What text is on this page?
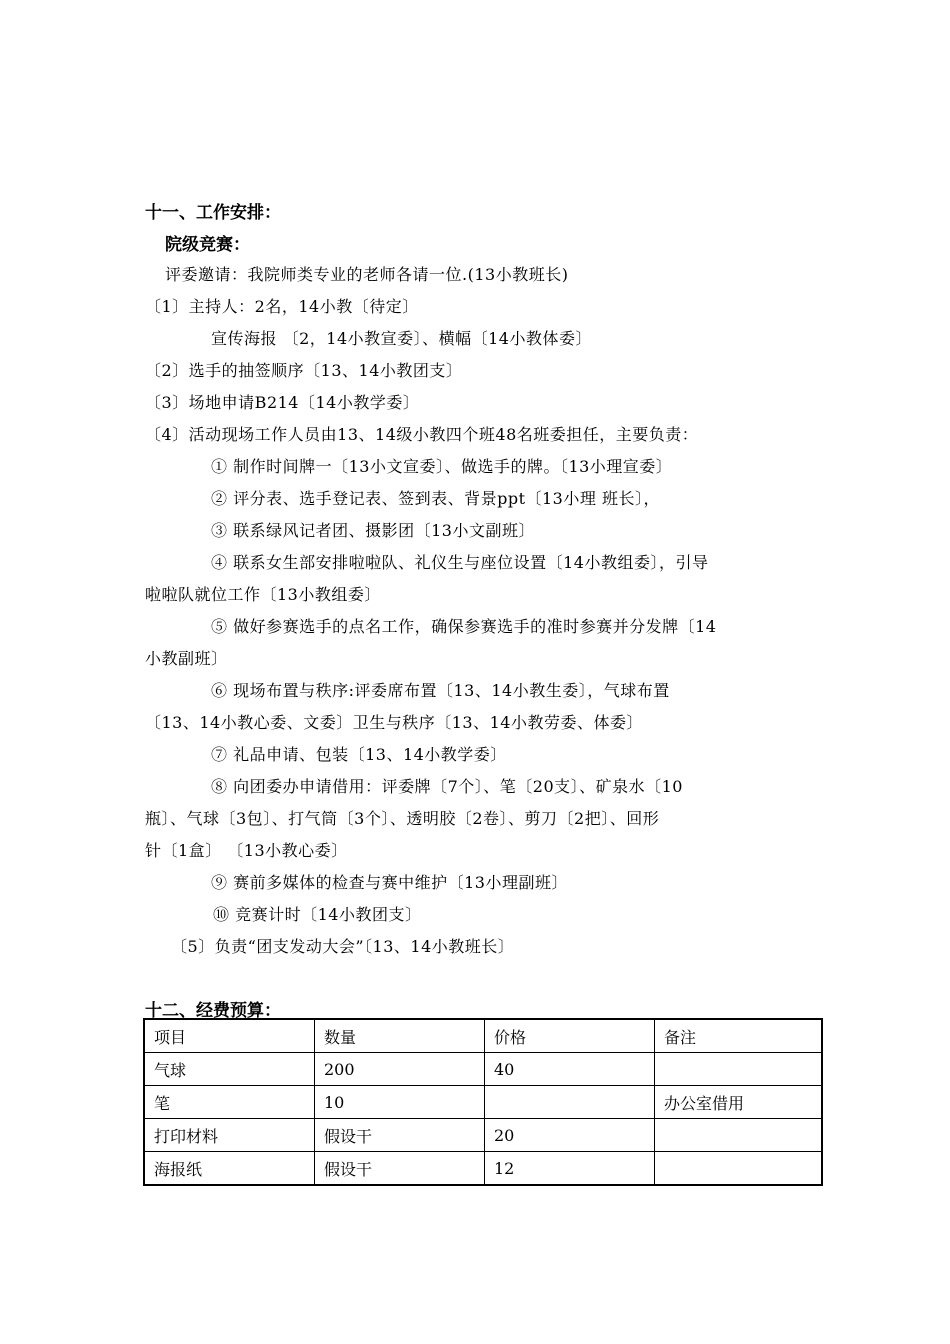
十一、工作安排：
院级竞赛：
评委邀请：我院师类专业的老师各请一位.(13小教班长)
〔1〕主持人：2名，14小教〔待定〕
宣传海报 〔2，14小教宣委〕、横幅〔14小教体委〕
〔2〕选手的抽签顺序〔13、14小教团支〕
〔3〕场地申请B214〔14小教学委〕
〔4〕活动现场工作人员由13、14级小教四个班48名班委担任，主要负责：
① 制作时间牌一〔13小文宣委〕、做选手的牌。〔13小理宣委〕
② 评分表、选手登记表、签到表、背景ppt〔13小理 班长〕，
③ 联系绿风记者团、摄影团〔13小文副班〕
④ 联系女生部安排啦啦队、礼仪生与座位设置〔14小教组委〕，引导
啦啦队就位工作〔13小教组委〕
⑤ 做好参赛选手的点名工作，确保参赛选手的准时参赛并分发牌〔14
小教副班〕
⑥ 现场布置与秩序:评委席布置〔13、14小教生委〕，气球布置
〔13、14小教心委、文委〕卫生与秩序〔13、14小教劳委、体委〕
⑦ 礼品申请、包装〔13、14小教学委〕
⑧ 向团委办申请借用：评委牌〔7个〕、笔〔20支〕、矿泉水〔10
瓶〕、气球〔3包〕、打气筒〔3个〕、透明胶〔2卷〕、剪刀〔2把〕、回形
针〔1盒〕 〔13小教心委〕
⑨ 赛前多媒体的检查与赛中维护〔13小理副班〕
⑩ 竞赛计时〔14小教团支〕
〔5〕负责“团支发动大会”〔13、14小教班长〕
十二、经费预算：
项目	数量	价格	备注
气球	200	40	
笔	10		办公室借用
打印材料	假设干	20	
海报纸	假设干	12	
